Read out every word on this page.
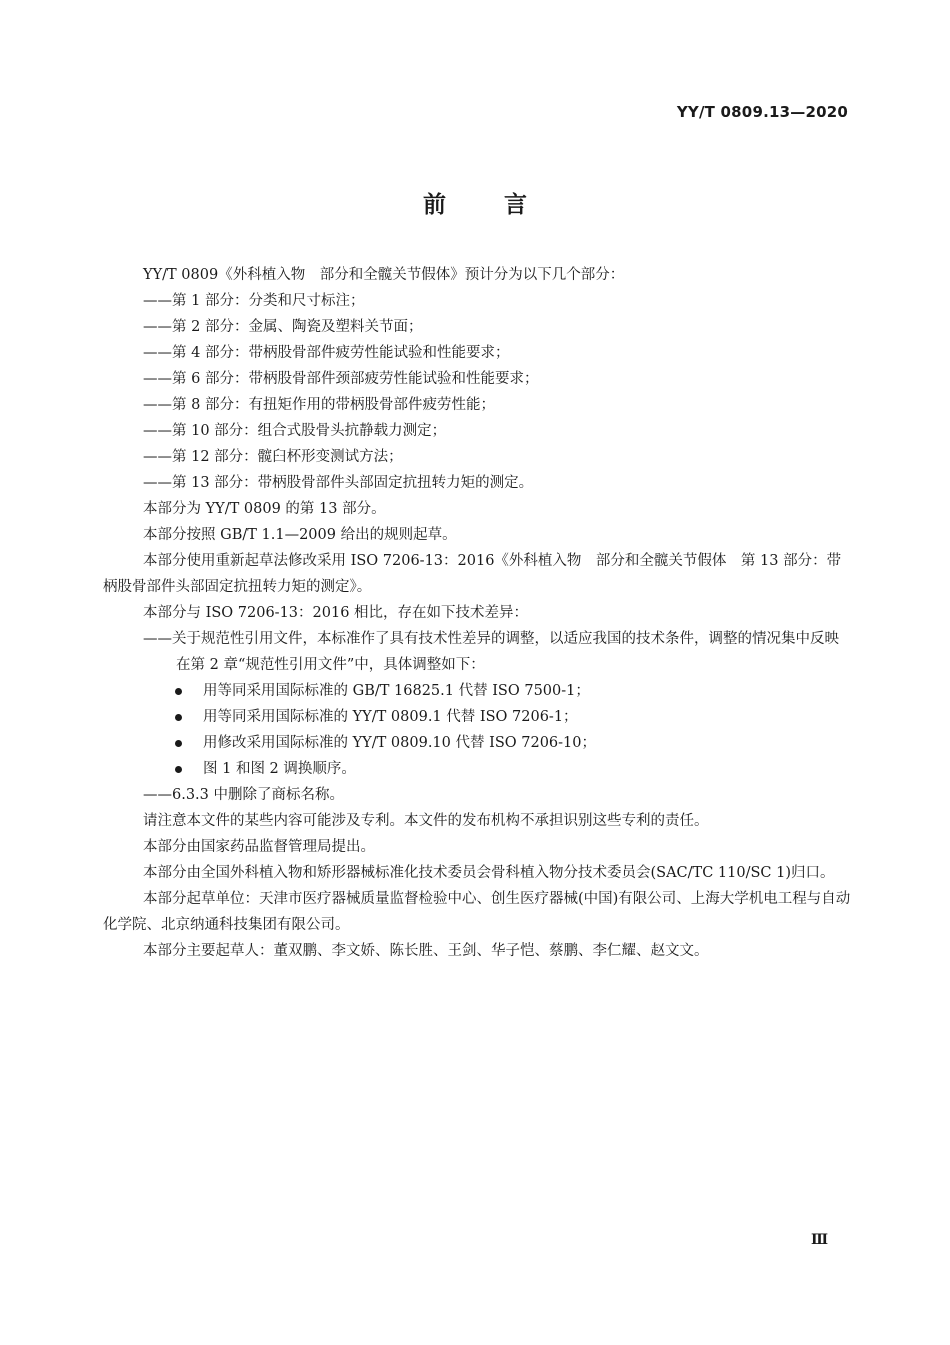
YY/T 0809.13—2020
前	言

YY/T 0809《外科植入物　部分和全髋关节假体》预计分为以下几个部分：

——第 1 部分：分类和尺寸标注；

——第 2 部分：金属、陶瓷及塑料关节面；

——第 4 部分：带柄股骨部件疲劳性能试验和性能要求；

——第 6 部分：带柄股骨部件颈部疲劳性能试验和性能要求；

——第 8 部分：有扭矩作用的带柄股骨部件疲劳性能；

——第 10 部分：组合式股骨头抗静载力测定；

——第 12 部分：髋臼杯形变测试方法；

——第 13 部分：带柄股骨部件头部固定抗扭转力矩的测定。

本部分为 YY/T 0809 的第 13 部分。

本部分按照 GB/T 1.1—2009 给出的规则起草。

本部分使用重新起草法修改采用 ISO 7206-13：2016《外科植入物　部分和全髋关节假体　第 13 部分：带柄股骨部件头部固定抗扭转力矩的测定》。

本部分与 ISO 7206-13：2016 相比，存在如下技术差异：

——关于规范性引用文件，本标准作了具有技术性差异的调整，以适应我国的技术条件，调整的情况集中反映在第 2 章“规范性引用文件”中，具体调整如下：

用等同采用国际标准的 GB/T 16825.1 代替 ISO 7500-1；

用等同采用国际标准的 YY/T 0809.1 代替 ISO 7206-1；

用修改采用国际标准的 YY/T 0809.10 代替 ISO 7206-10；

图 1 和图 2 调换顺序。

——6.3.3 中删除了商标名称。

请注意本文件的某些内容可能涉及专利。本文件的发布机构不承担识别这些专利的责任。

本部分由国家药品监督管理局提出。

本部分由全国外科植入物和矫形器械标准化技术委员会骨科植入物分技术委员会(SAC/TC 110/SC 1)归口。

本部分起草单位：天津市医疗器械质量监督检验中心、创生医疗器械(中国)有限公司、上海大学机电工程与自动化学院、北京纳通科技集团有限公司。

本部分主要起草人：董双鹏、李文娇、陈长胜、王剑、华子恺、蔡鹏、李仁耀、赵文文。

Ⅲ
